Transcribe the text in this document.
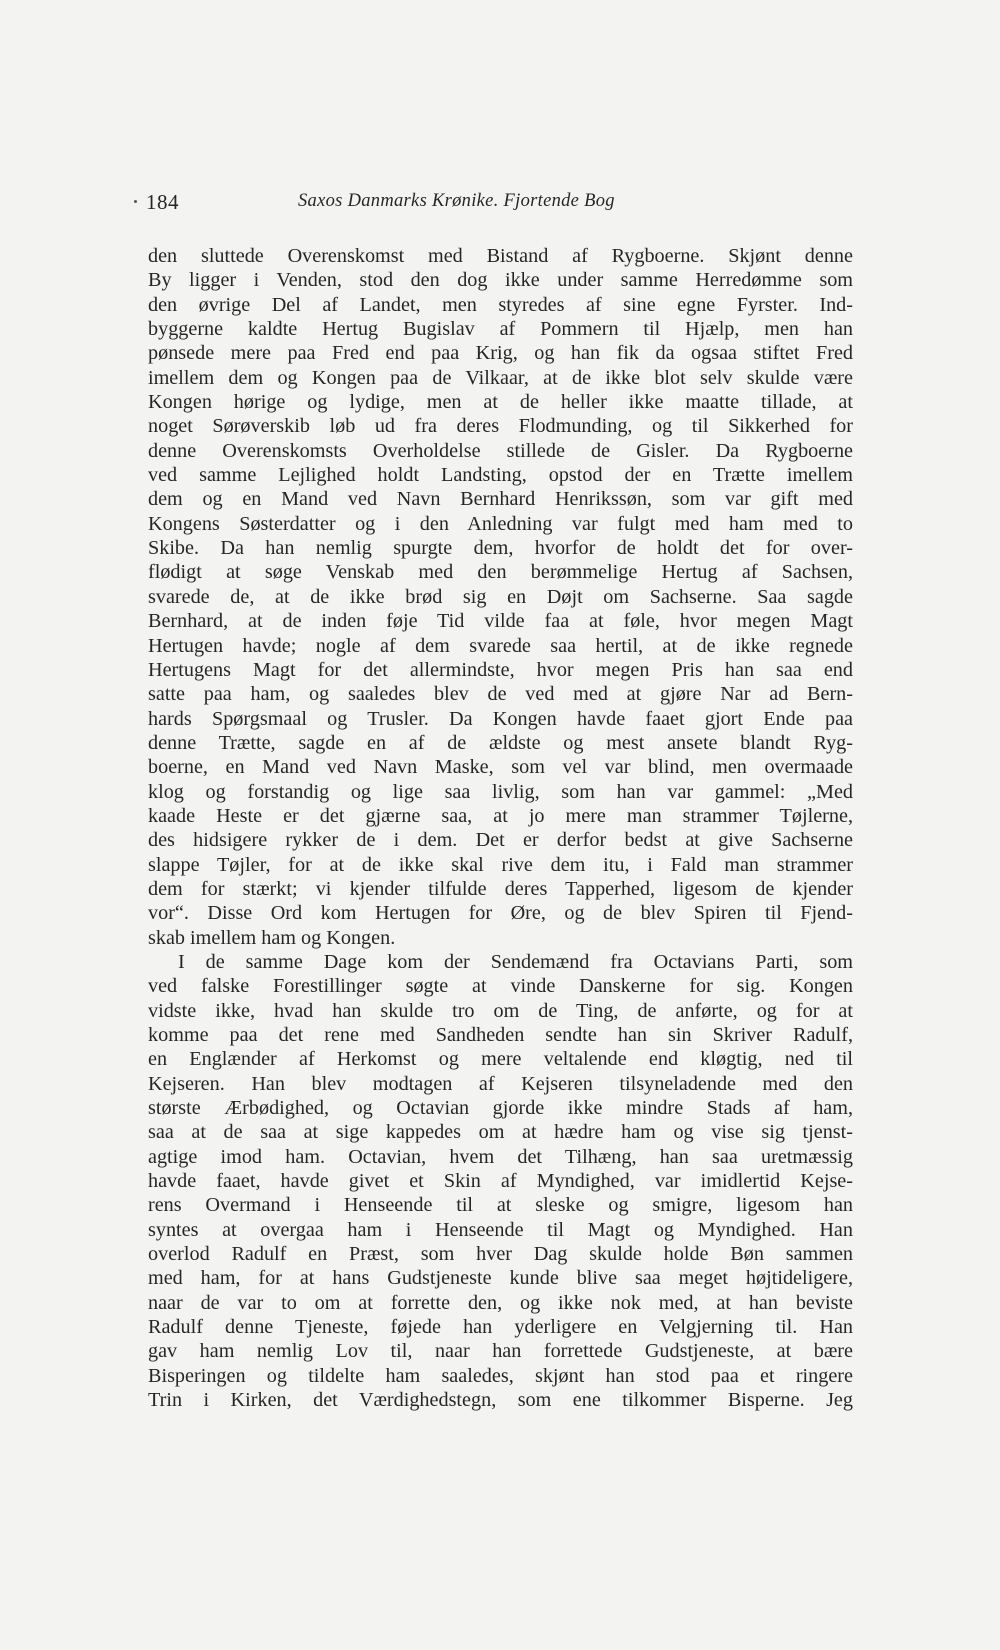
184	Saxos Danmarks Krønike. Fjortende Bog
den sluttede Overenskomst med Bistand af Rygboerne. Skjønt denne
By ligger i Venden, stod den dog ikke under samme Herredømme som
den øvrige Del af Landet, men styredes af sine egne Fyrster. Ind-
byggerne kaldte Hertug Bugislav af Pommern til Hjælp, men han
pønsede mere paa Fred end paa Krig, og han fik da ogsaa stiftet Fred
imellem dem og Kongen paa de Vilkaar, at de ikke blot selv skulde være
Kongen hørige og lydige, men at de heller ikke maatte tillade, at
noget Sørøverskib løb ud fra deres Flodmunding, og til Sikkerhed for
denne Overenskomsts Overholdelse stillede de Gisler. Da Rygboerne
ved samme Lejlighed holdt Landsting, opstod der en Trætte imellem
dem og en Mand ved Navn Bernhard Henrikssøn, som var gift med
Kongens Søsterdatter og i den Anledning var fulgt med ham med to
Skibe. Da han nemlig spurgte dem, hvorfor de holdt det for over-
flødigt at søge Venskab med den berømmelige Hertug af Sachsen,
svarede de, at de ikke brød sig en Døjt om Sachserne. Saa sagde
Bernhard, at de inden føje Tid vilde faa at føle, hvor megen Magt
Hertugen havde; nogle af dem svarede saa hertil, at de ikke regnede
Hertugens Magt for det allermindste, hvor megen Pris han saa end
satte paa ham, og saaledes blev de ved med at gjøre Nar ad Bern-
hards Spørgsmaal og Trusler. Da Kongen havde faaet gjort Ende paa
denne Trætte, sagde en af de ældste og mest ansete blandt Ryg-
boerne, en Mand ved Navn Maske, som vel var blind, men overmaade
klog og forstandig og lige saa livlig, som han var gammel: „Med
kaade Heste er det gjærne saa, at jo mere man strammer Tøjlerne,
des hidsigere rykker de i dem. Det er derfor bedst at give Sachserne
slappe Tøjler, for at de ikke skal rive dem itu, i Fald man strammer
dem for stærkt; vi kjender tilfulde deres Tapperhed, ligesom de kjender
vor“. Disse Ord kom Hertugen for Øre, og de blev Spiren til Fjend-
skab imellem ham og Kongen.
I de samme Dage kom der Sendemænd fra Octavians Parti, som
ved falske Forestillinger søgte at vinde Danskerne for sig. Kongen
vidste ikke, hvad han skulde tro om de Ting, de anførte, og for at
komme paa det rene med Sandheden sendte han sin Skriver Radulf,
en Englænder af Herkomst og mere veltalende end kløgtig, ned til
Kejseren. Han blev modtagen af Kejseren tilsyneladende med den
største Ærbødighed, og Octavian gjorde ikke mindre Stads af ham,
saa at de saa at sige kappedes om at hædre ham og vise sig tjenst-
agtige imod ham. Octavian, hvem det Tilhæng, han saa uretmæssig
havde faaet, havde givet et Skin af Myndighed, var imidlertid Kejse-
rens Overmand i Henseende til at sleske og smigre, ligesom han
syntes at overgaa ham i Henseende til Magt og Myndighed. Han
overlod Radulf en Præst, som hver Dag skulde holde Bøn sammen
med ham, for at hans Gudstjeneste kunde blive saa meget højtideligere,
naar de var to om at forrette den, og ikke nok med, at han beviste
Radulf denne Tjeneste, føjede han yderligere en Velgjerning til. Han
gav ham nemlig Lov til, naar han forrettede Gudstjeneste, at bære
Bisperingen og tildelte ham saaledes, skjønt han stod paa et ringere
Trin i Kirken, det Værdighedstegn, som ene tilkommer Bisperne. Jeg
